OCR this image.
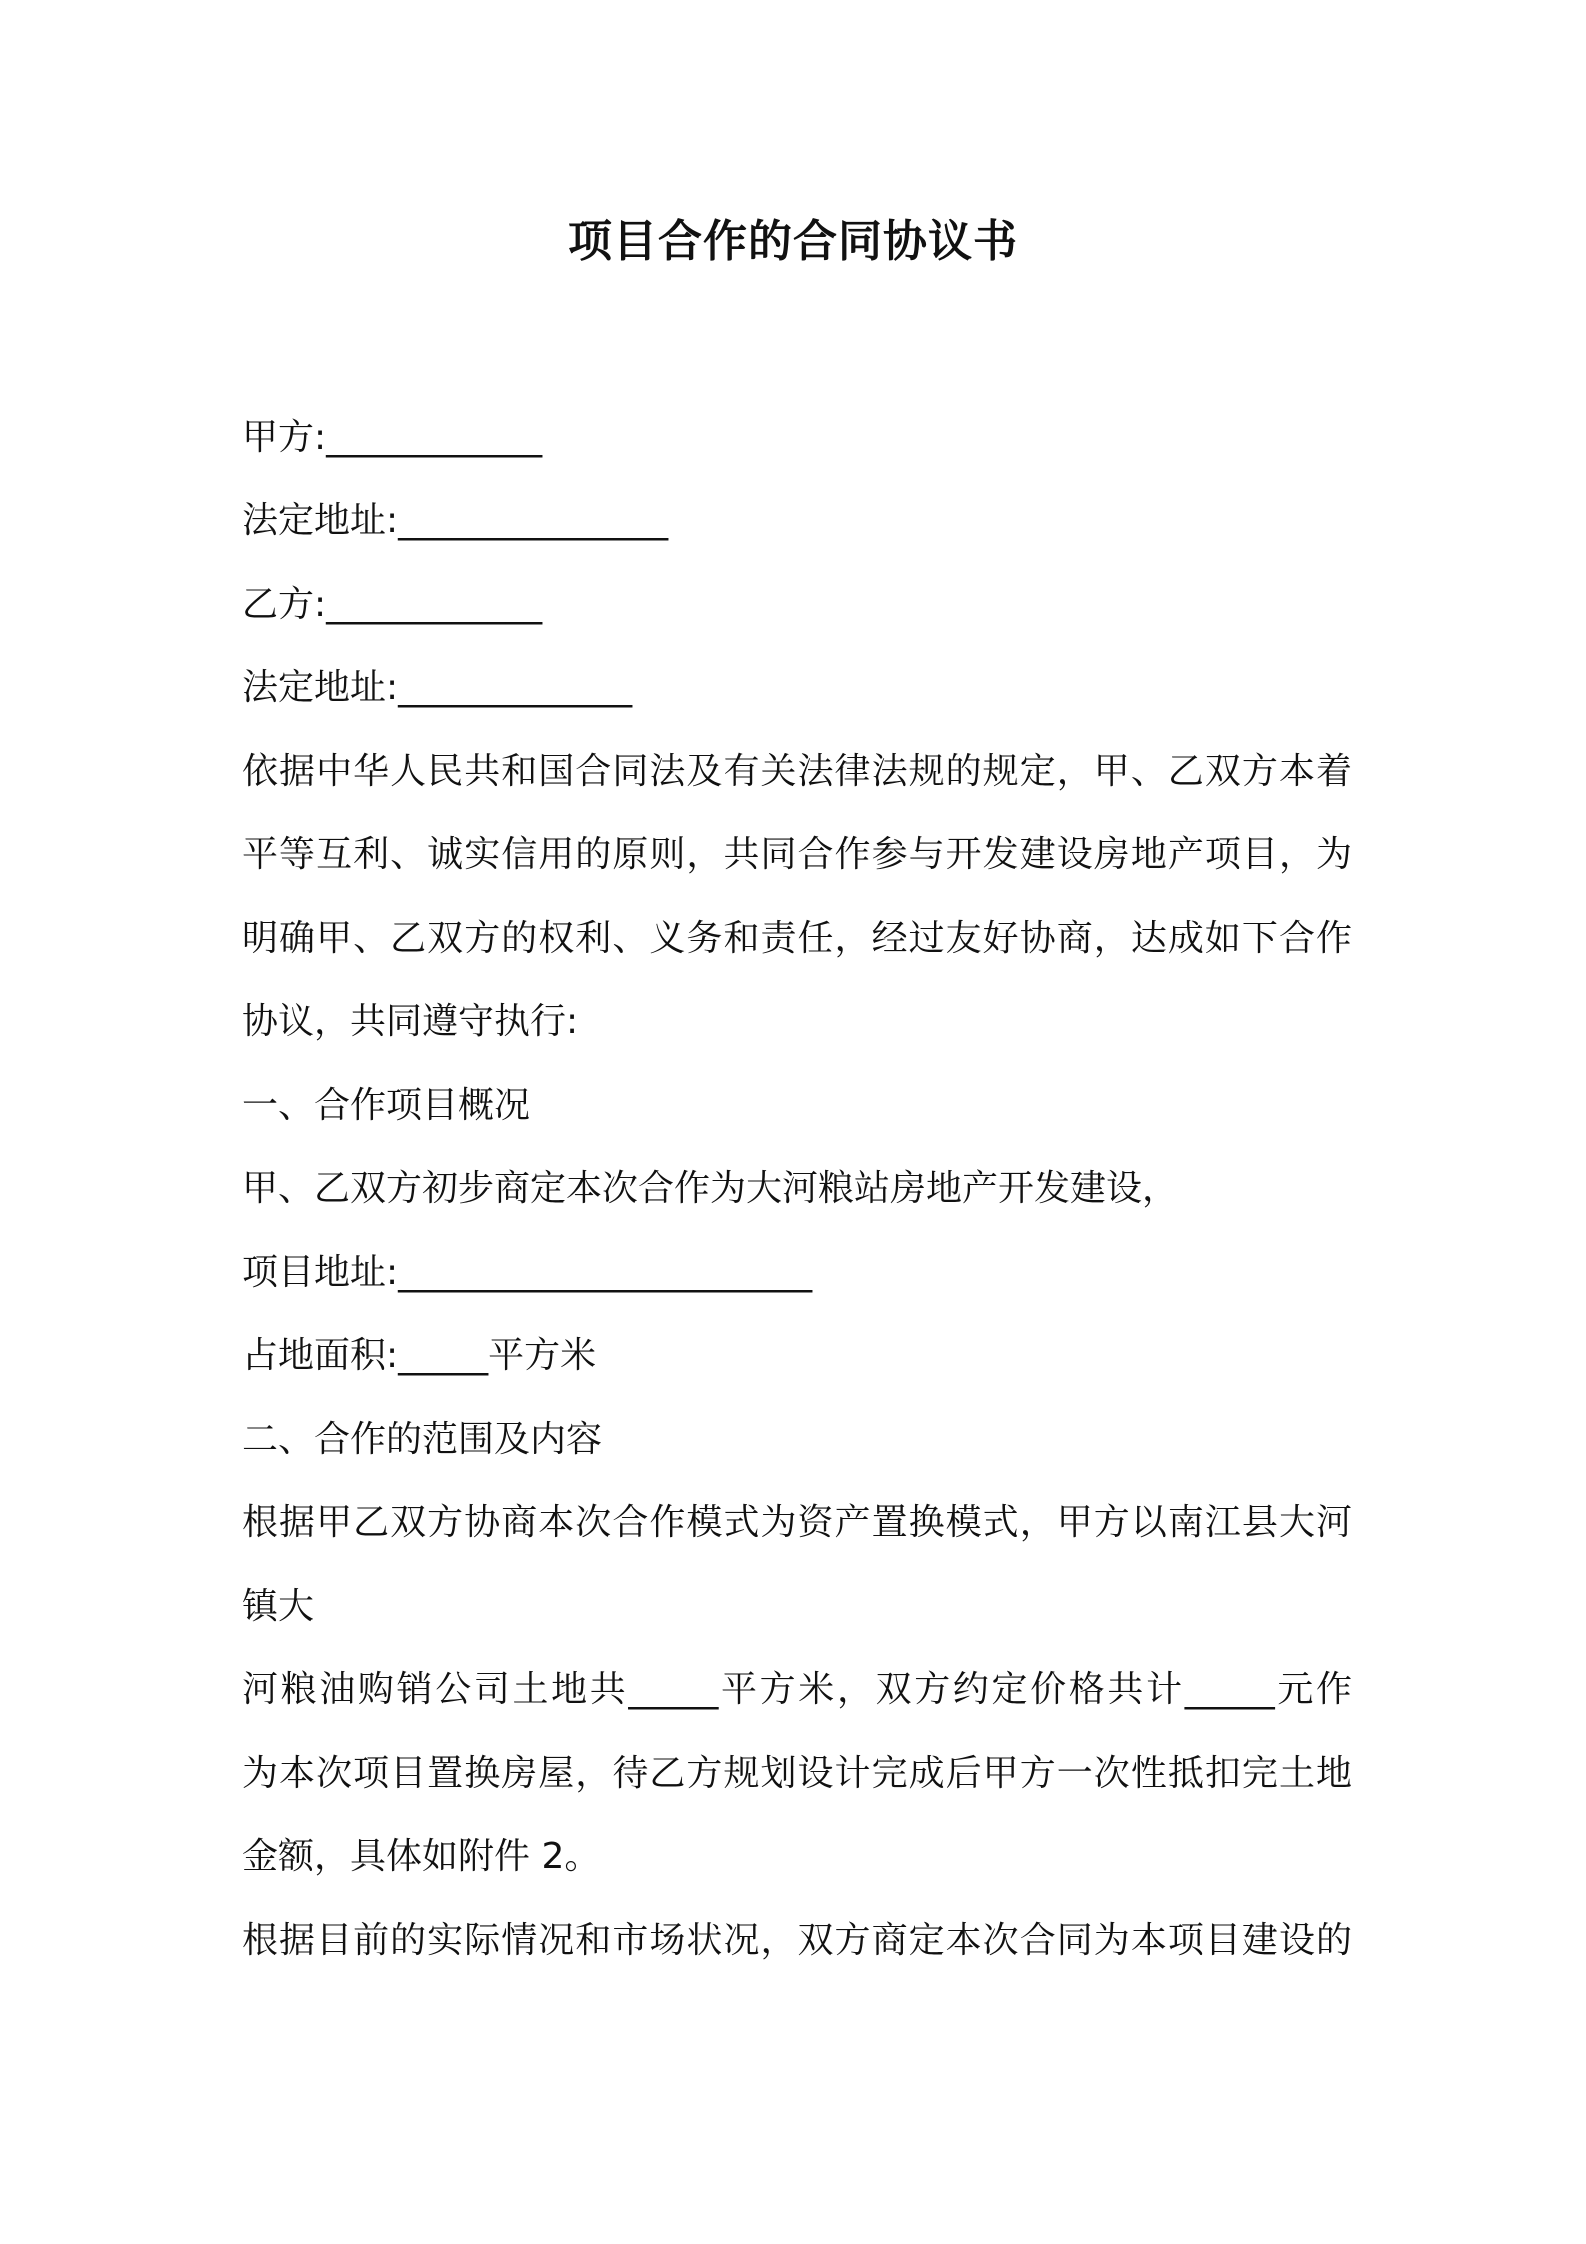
项目合作的合同协议书
甲方:____________
法定地址:_______________
乙方:____________
法定地址:_____________
依据中华人民共和国合同法及有关法律法规的规定，甲、乙双方本着
平等互利、诚实信用的原则，共同合作参与开发建设房地产项目，为
明确甲、乙双方的权利、义务和责任，经过友好协商，达成如下合作
协议，共同遵守执行:
一、合作项目概况
甲、乙双方初步商定本次合作为大河粮站房地产开发建设，
项目地址:_______________________
占地面积:_____平方米
二、合作的范围及内容
根据甲乙双方协商本次合作模式为资产置换模式，甲方以南江县大河
镇大
河粮油购销公司土地共_____平方米，双方约定价格共计_____元作
为本次项目置换房屋，待乙方规划设计完成后甲方一次性抵扣完土地
金额，具体如附件 2。
根据目前的实际情况和市场状况，双方商定本次合同为本项目建设的
